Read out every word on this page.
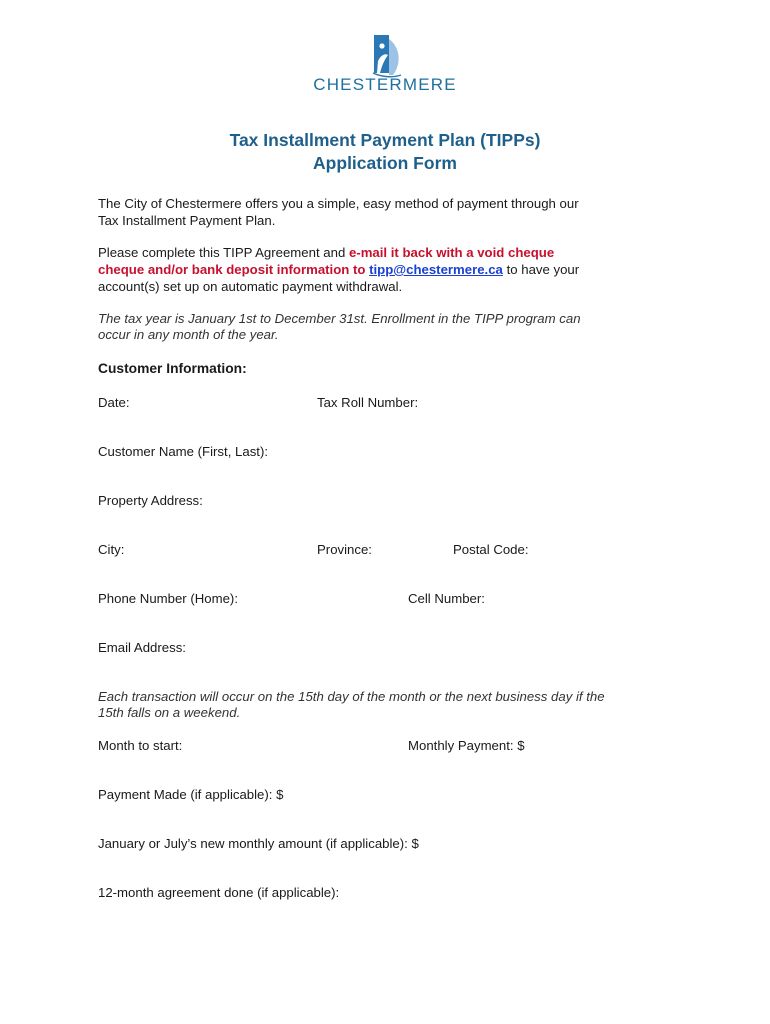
CHESTERMERE
Tax Installment Payment Plan (TIPPs)
Application Form
The City of Chestermere offers you a simple, easy method of payment through our
Tax Installment Payment Plan.
Please complete this TIPP Agreement and e-mail it back with a void cheque
cheque and/or bank deposit information to tipp@chestermere.ca to have your
account(s) set up on automatic payment withdrawal.
The tax year is January 1st to December 31st. Enrollment in the TIPP program can
occur in any month of the year.
Customer Information:
Date:	Tax Roll Number:
Customer Name (First, Last):
Property Address:
City:	Province:	Postal Code:
Phone Number (Home):	Cell Number:
Email Address:
Each transaction will occur on the 15th day of the month or the next business day if the
15th falls on a weekend.
Month to start:	Monthly Payment: $
Payment Made (if applicable): $
January or July’s new monthly amount (if applicable): $
12-month agreement done (if applicable):
